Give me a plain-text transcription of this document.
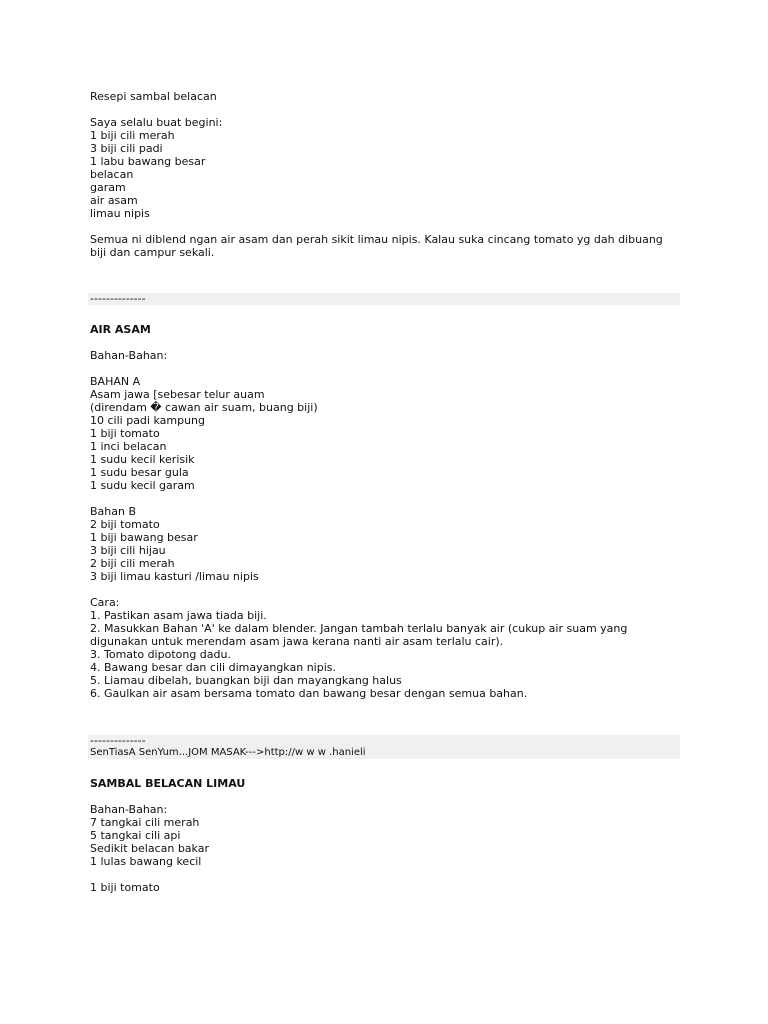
Resepi sambal belacan
Saya selalu buat begini:
1 biji cili merah
3 biji cili padi
1 labu bawang besar
belacan
garam
air asam
limau nipis
Semua ni diblend ngan air asam dan perah sikit limau nipis. Kalau suka cincang tomato yg dah dibuang biji dan campur sekali.
--------------
AIR ASAM
Bahan-Bahan:
BAHAN A
Asam jawa [sebesar telur auam
(direndam � cawan air suam, buang biji)
10 cili padi kampung
1 biji tomato
1 inci belacan
1 sudu kecil kerisik
1 sudu besar gula
1 sudu kecil garam
Bahan B
2 biji tomato
1 biji bawang besar
3 biji cili hijau
2 biji cili merah
3 biji limau kasturi /limau nipis
Cara:
1. Pastikan asam jawa tiada biji.
2. Masukkan Bahan 'A' ke dalam blender. Jangan tambah terlalu banyak air (cukup air suam yang
digunakan untuk merendam asam jawa kerana nanti air asam terlalu cair).
3. Tomato dipotong dadu.
4. Bawang besar dan cili dimayangkan nipis.
5. Liamau dibelah, buangkan biji dan mayangkang halus
6. Gaulkan air asam bersama tomato dan bawang besar dengan semua bahan.
--------------
SenTiasA SenYum...JOM MASAK--->http://w w w .hanieli
SAMBAL BELACAN LIMAU
Bahan-Bahan:
7 tangkai cili merah
5 tangkai cili api
Sedikit belacan bakar
1 lulas bawang kecil
1 biji tomato
